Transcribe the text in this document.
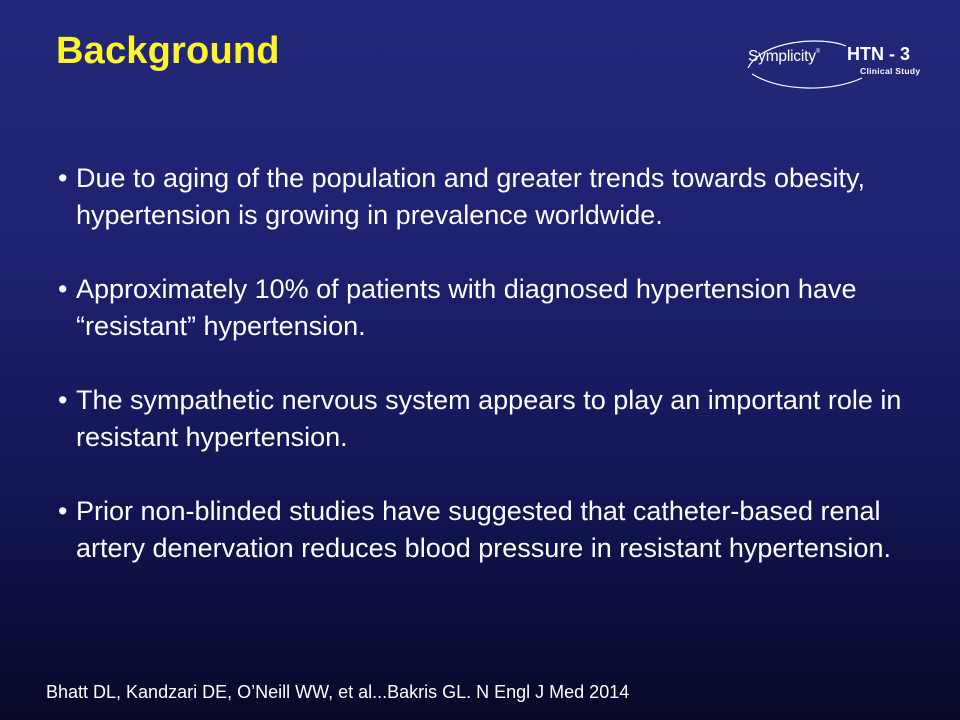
Background	Symplicity® HTN - 3
Clinical Study
• Due to aging of the population and greater trends towards obesity, hypertension is growing in prevalence worldwide.
• Approximately 10% of patients with diagnosed hypertension have “resistant” hypertension.
• The sympathetic nervous system appears to play an important role in resistant hypertension.
• Prior non-blinded studies have suggested that catheter-based renal artery denervation reduces blood pressure in resistant hypertension.
Bhatt DL, Kandzari DE, O’Neill WW, et al...Bakris GL. N Engl J Med 2014
